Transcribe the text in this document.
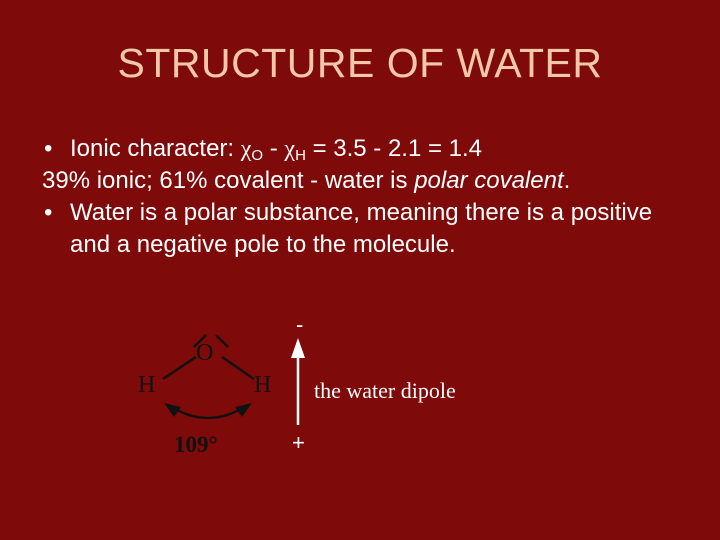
STRUCTURE OF WATER
• Ionic character: χO - χH = 3.5 - 2.1 = 1.4
39% ionic; 61% covalent - water is polar covalent.
• Water is a polar substance, meaning there is a positive and a negative pole to the molecule.
O
H	H
109°
-
+
the water dipole
